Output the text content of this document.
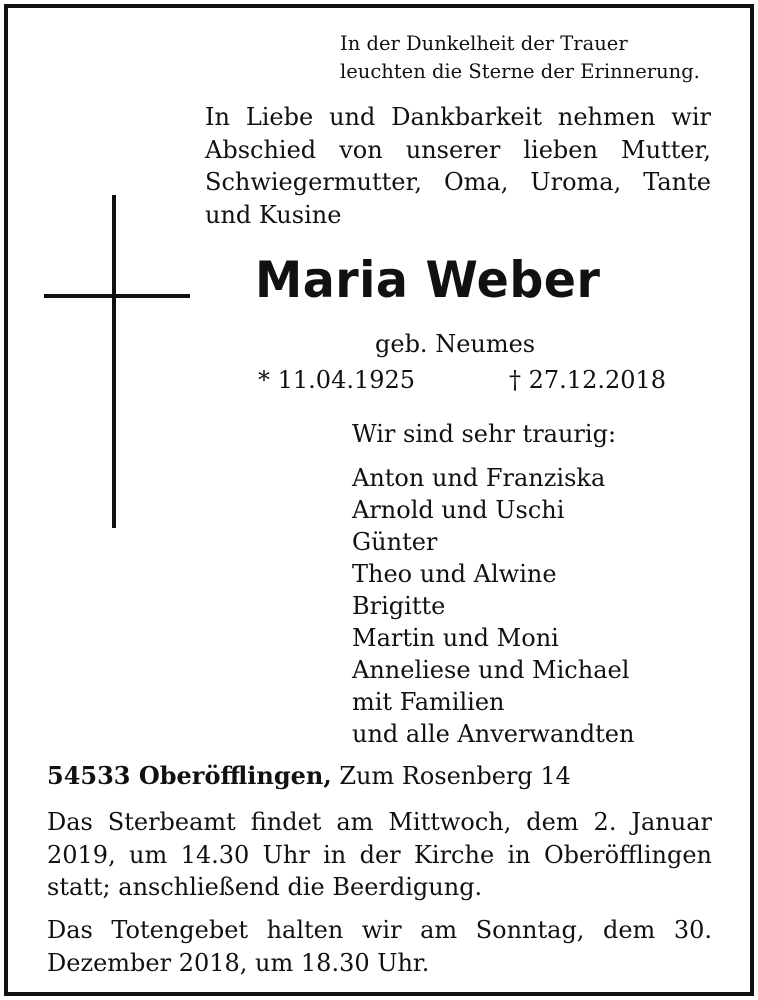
In der Dunkelheit der Trauer
leuchten die Sterne der Erinnerung.
In Liebe und Dankbarkeit nehmen wir Abschied von unserer lieben Mutter, Schwiegermutter, Oma, Uroma, Tante und Kusine
Maria Weber
geb. Neumes
* 11.04.1925	† 27.12.2018
Wir sind sehr traurig:
Anton und Franziska
Arnold und Uschi
Günter
Theo und Alwine
Brigitte
Martin und Moni
Anneliese und Michael
mit Familien
und alle Anverwandten
54533 Oberöfflingen, Zum Rosenberg 14
Das Sterbeamt findet am Mittwoch, dem 2. Januar 2019, um 14.30 Uhr in der Kirche in Oberöfflingen statt; anschließend die Beerdigung.
Das Totengebet halten wir am Sonntag, dem 30. Dezember 2018, um 18.30 Uhr.
